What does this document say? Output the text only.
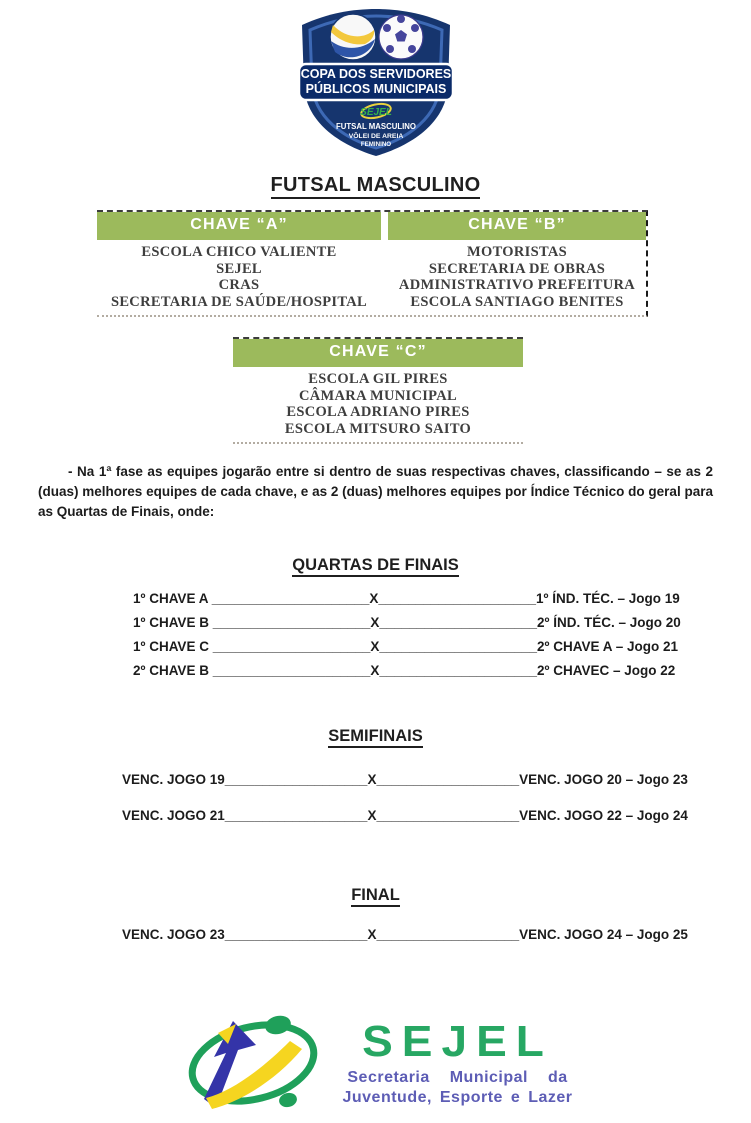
COPA DOS SERVIDORES
PÚBLICOS MUNICIPAIS
SEJEL
FUTSAL MASCULINO
VÔLEI DE AREIA
FEMININO
FUTSAL MASCULINO
CHAVE “A”	CHAVE “B”
ESCOLA CHICO VALIENTE
SEJEL
CRAS
SECRETARIA DE SAÚDE/HOSPITAL
MOTORISTAS
SECRETARIA DE OBRAS
ADMINISTRATIVO PREFEITURA
ESCOLA SANTIAGO BENITES
CHAVE “C”
ESCOLA GIL PIRES
CÂMARA MUNICIPAL
ESCOLA ADRIANO PIRES
ESCOLA MITSURO SAITO

- Na 1ª fase as equipes jogarão entre si dentro de suas respectivas chaves, classificando – se as 2 (duas) melhores equipes de cada chave, e as 2 (duas) melhores equipes por Índice Técnico do geral para as Quartas de Finais, onde:

QUARTAS DE FINAIS
1º CHAVE A _____________________X_____________________1º ÍND. TÉC. – Jogo 19
1º CHAVE B _____________________X_____________________2º ÍND. TÉC. – Jogo 20
1º CHAVE C _____________________X_____________________2º CHAVE A – Jogo 21
2º CHAVE B _____________________X_____________________2º CHAVEC – Jogo 22
SEMIFINAIS
VENC. JOGO 19___________________X___________________VENC. JOGO 20 – Jogo 23
VENC. JOGO 21___________________X___________________VENC. JOGO 22 – Jogo 24
FINAL
VENC. JOGO 23___________________X___________________VENC. JOGO 24 – Jogo 25
SEJEL
Secretaria Municipal da
Juventude, Esporte e Lazer
